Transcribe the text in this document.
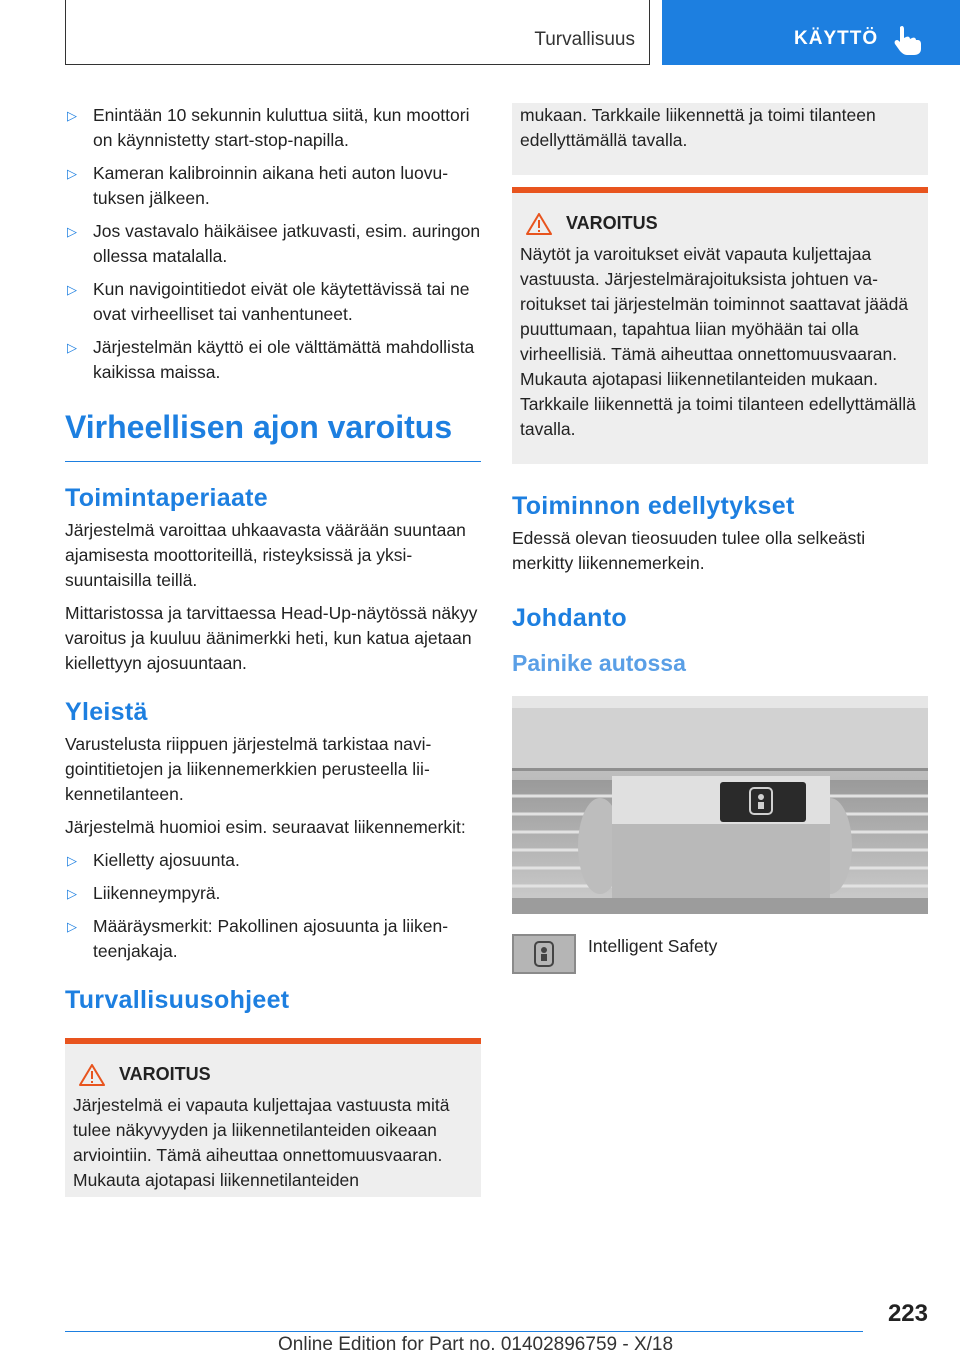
Turvallisuus	KÄYTTÖ
▷ Enintään 10 sekunnin kuluttua siitä, kun moottori on käynnistetty start-stop-napilla.
▷ Kameran kalibroinnin aikana heti auton luovutuksen jälkeen.
▷ Jos vastavalo häikäisee jatkuvasti, esim. auringon ollessa matalalla.
▷ Kun navigointitiedot eivät ole käytettävissä tai ne ovat virheelliset tai vanhentuneet.
▷ Järjestelmän käyttö ei ole välttämättä mahdollista kaikissa maissa.
Virheellisen ajon varoitus
Toimintaperiaate
Järjestelmä varoittaa uhkaavasta väärään suuntaan ajamisesta moottoriteillä, risteyksissä ja yksisuuntaisilla teillä.
Mittaristossa ja tarvittaessa Head-Up-näytössä näkyy varoitus ja kuuluu äänimerkki heti, kun katua ajetaan kiellettyyn ajosuuntaan.
Yleistä
Varustelusta riippuen järjestelmä tarkistaa navigointitietojen ja liikennemerkkien perusteella liikennetilanteen.
Järjestelmä huomioi esim. seuraavat liikennemerkit:
▷ Kielletty ajosuunta.
▷ Liikenneympyrä.
▷ Määräysmerkit: Pakollinen ajosuunta ja liikenteenjakaja.
Turvallisuusohjeet
VAROITUS
Järjestelmä ei vapauta kuljettajaa vastuusta mitä tulee näkyvyyden ja liikennetilanteiden oikeaan arviointiin. Tämä aiheuttaa onnettomuusvaaran. Mukauta ajotapasi liikennetilanteiden
mukaan. Tarkkaile liikennettä ja toimi tilanteen edellyttämällä tavalla.
VAROITUS
Näytöt ja varoitukset eivät vapauta kuljettajaa vastuusta. Järjestelmärajoituksista johtuen varoitukset tai järjestelmän toiminnot saattavat jäädä puuttumaan, tapahtua liian myöhään tai olla virheellisiä. Tämä aiheuttaa onnettomuusvaaran. Mukauta ajotapasi liikennetilanteiden mukaan. Tarkkaile liikennettä ja toimi tilanteen edellyttämällä tavalla.
Toiminnon edellytykset
Edessä olevan tieosuuden tulee olla selkeästi merkitty liikennemerkein.
Johdanto
Painike autossa
Intelligent Safety
223
Online Edition for Part no. 01402896759 - X/18
